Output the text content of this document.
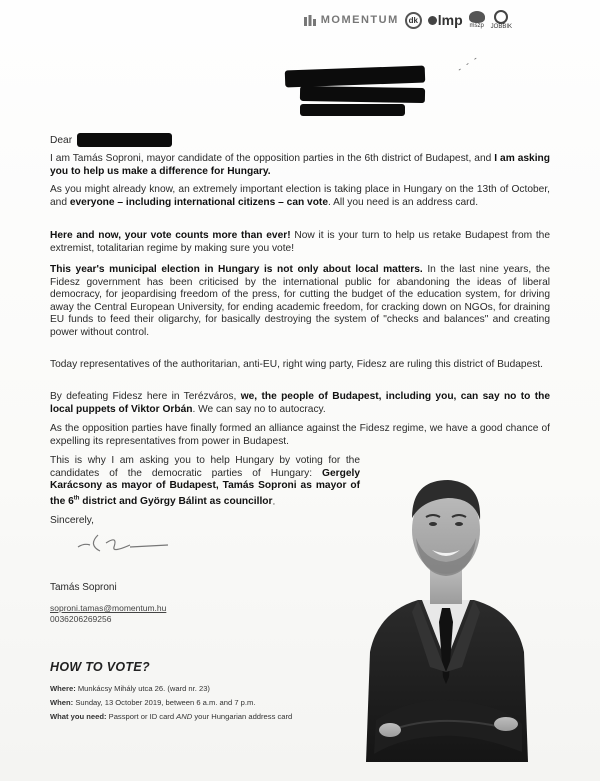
MOMENTUM dk lmp mszp JOBBIK
- - -
Dear
I am Tamás Soproni, mayor candidate of the opposition parties in the 6th district of Budapest, and I am asking you to help us make a difference for Hungary.
As you might already know, an extremely important election is taking place in Hungary on the 13th of October, and everyone – including international citizens – can vote. All you need is an address card.
Here and now, your vote counts more than ever! Now it is your turn to help us retake Budapest from the extremist, totalitarian regime by making sure you vote!
This year's municipal election in Hungary is not only about local matters. In the last nine years, the Fidesz government has been criticised by the international public for abandoning the ideas of liberal democracy, for jeopardising freedom of the press, for cutting the budget of the education system, for driving away the Central European University, for ending academic freedom, for cracking down on NGOs, for draining EU funds to feed their oligarchy, for basically destroying the system of "checks and balances" and creating power without control.
Today representatives of the authoritarian, anti-EU, right wing party, Fidesz are ruling this district of Budapest.
By defeating Fidesz here in Terézváros, we, the people of Budapest, including you, can say no to the local puppets of Viktor Orbán. We can say no to autocracy.
As the opposition parties have finally formed an alliance against the Fidesz regime, we have a good chance of expelling its representatives from power in Budapest.
This is why I am asking you to help Hungary by voting for the candidates of the democratic parties of Hungary: Gergely Karácsony as mayor of Budapest, Tamás Soproni as mayor of the 6th district and György Bálint as councillor.
Sincerely,
Tamás Soproni
soproni.tamas@momentum.hu
0036206269256
HOW TO VOTE?
Where: Munkácsy Mihály utca 26. (ward nr. 23)
When: Sunday, 13 October 2019, between 6 a.m. and 7 p.m.
What you need: Passport or ID card AND your Hungarian address card
